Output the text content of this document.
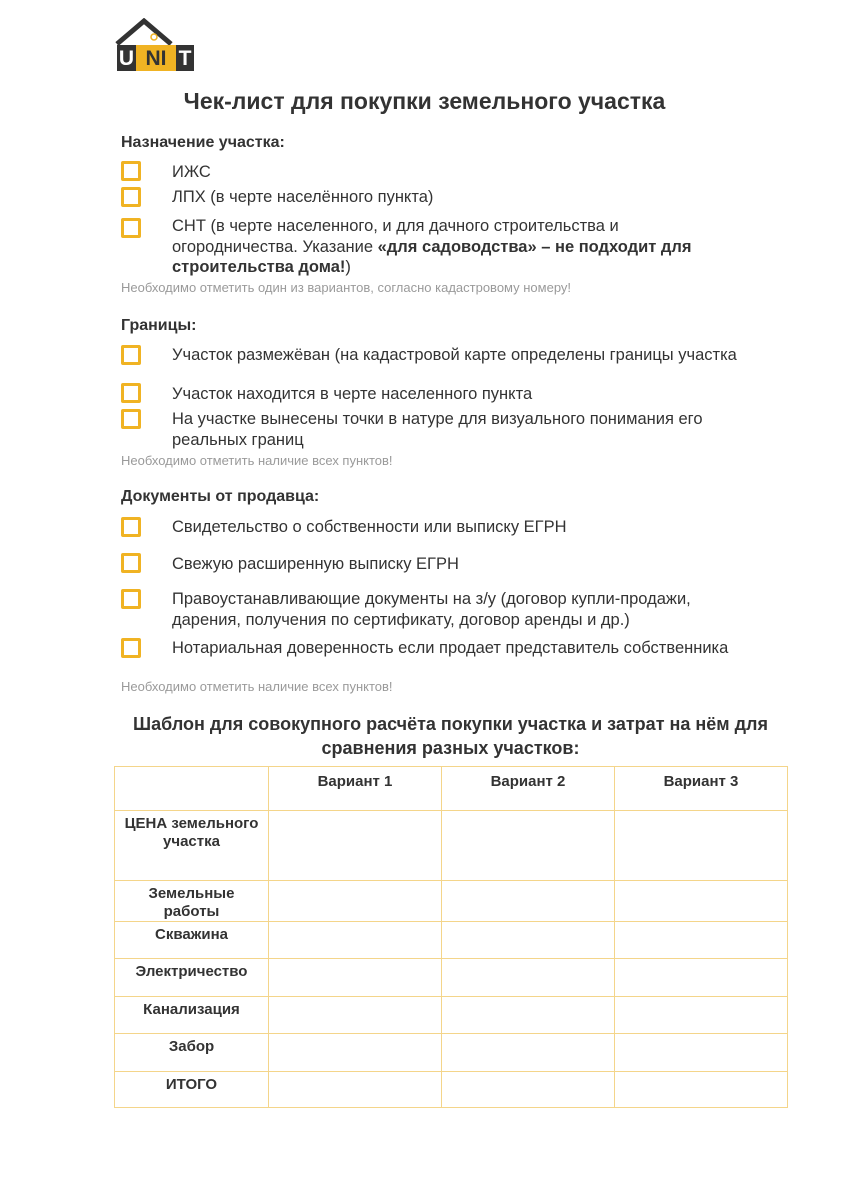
U NI T
Чек-лист для покупки земельного участка
Назначение участка:
ИЖС
ЛПХ (в черте населённого пункта)
СНТ (в черте населенного, и для дачного строительства и огородничества. Указание «для садоводства» – не подходит для строительства дома!)
Необходимо отметить один из вариантов, согласно кадастровому номеру!
Границы:
Участок размежёван (на кадастровой карте определены границы участка
Участок находится в черте населенного пункта
На участке вынесены точки в натуре для визуального понимания его реальных границ
Необходимо отметить наличие всех пунктов!
Документы от продавца:
Свидетельство о собственности или выписку ЕГРН
Свежую расширенную выписку ЕГРН
Правоустанавливающие документы на з/у (договор купли-продажи, дарения, получения по сертификату, договор аренды и др.)
Нотариальная доверенность если продает представитель собственника
Необходимо отметить наличие всех пунктов!
Шаблон для совокупного расчёта покупки участка и затрат на нём для сравнения разных участков:
	Вариант 1	Вариант 2	Вариант 3
ЦЕНА земельного участка			
Земельные работы			
Скважина			
Электричество			
Канализация			
Забор			
ИТОГО			
